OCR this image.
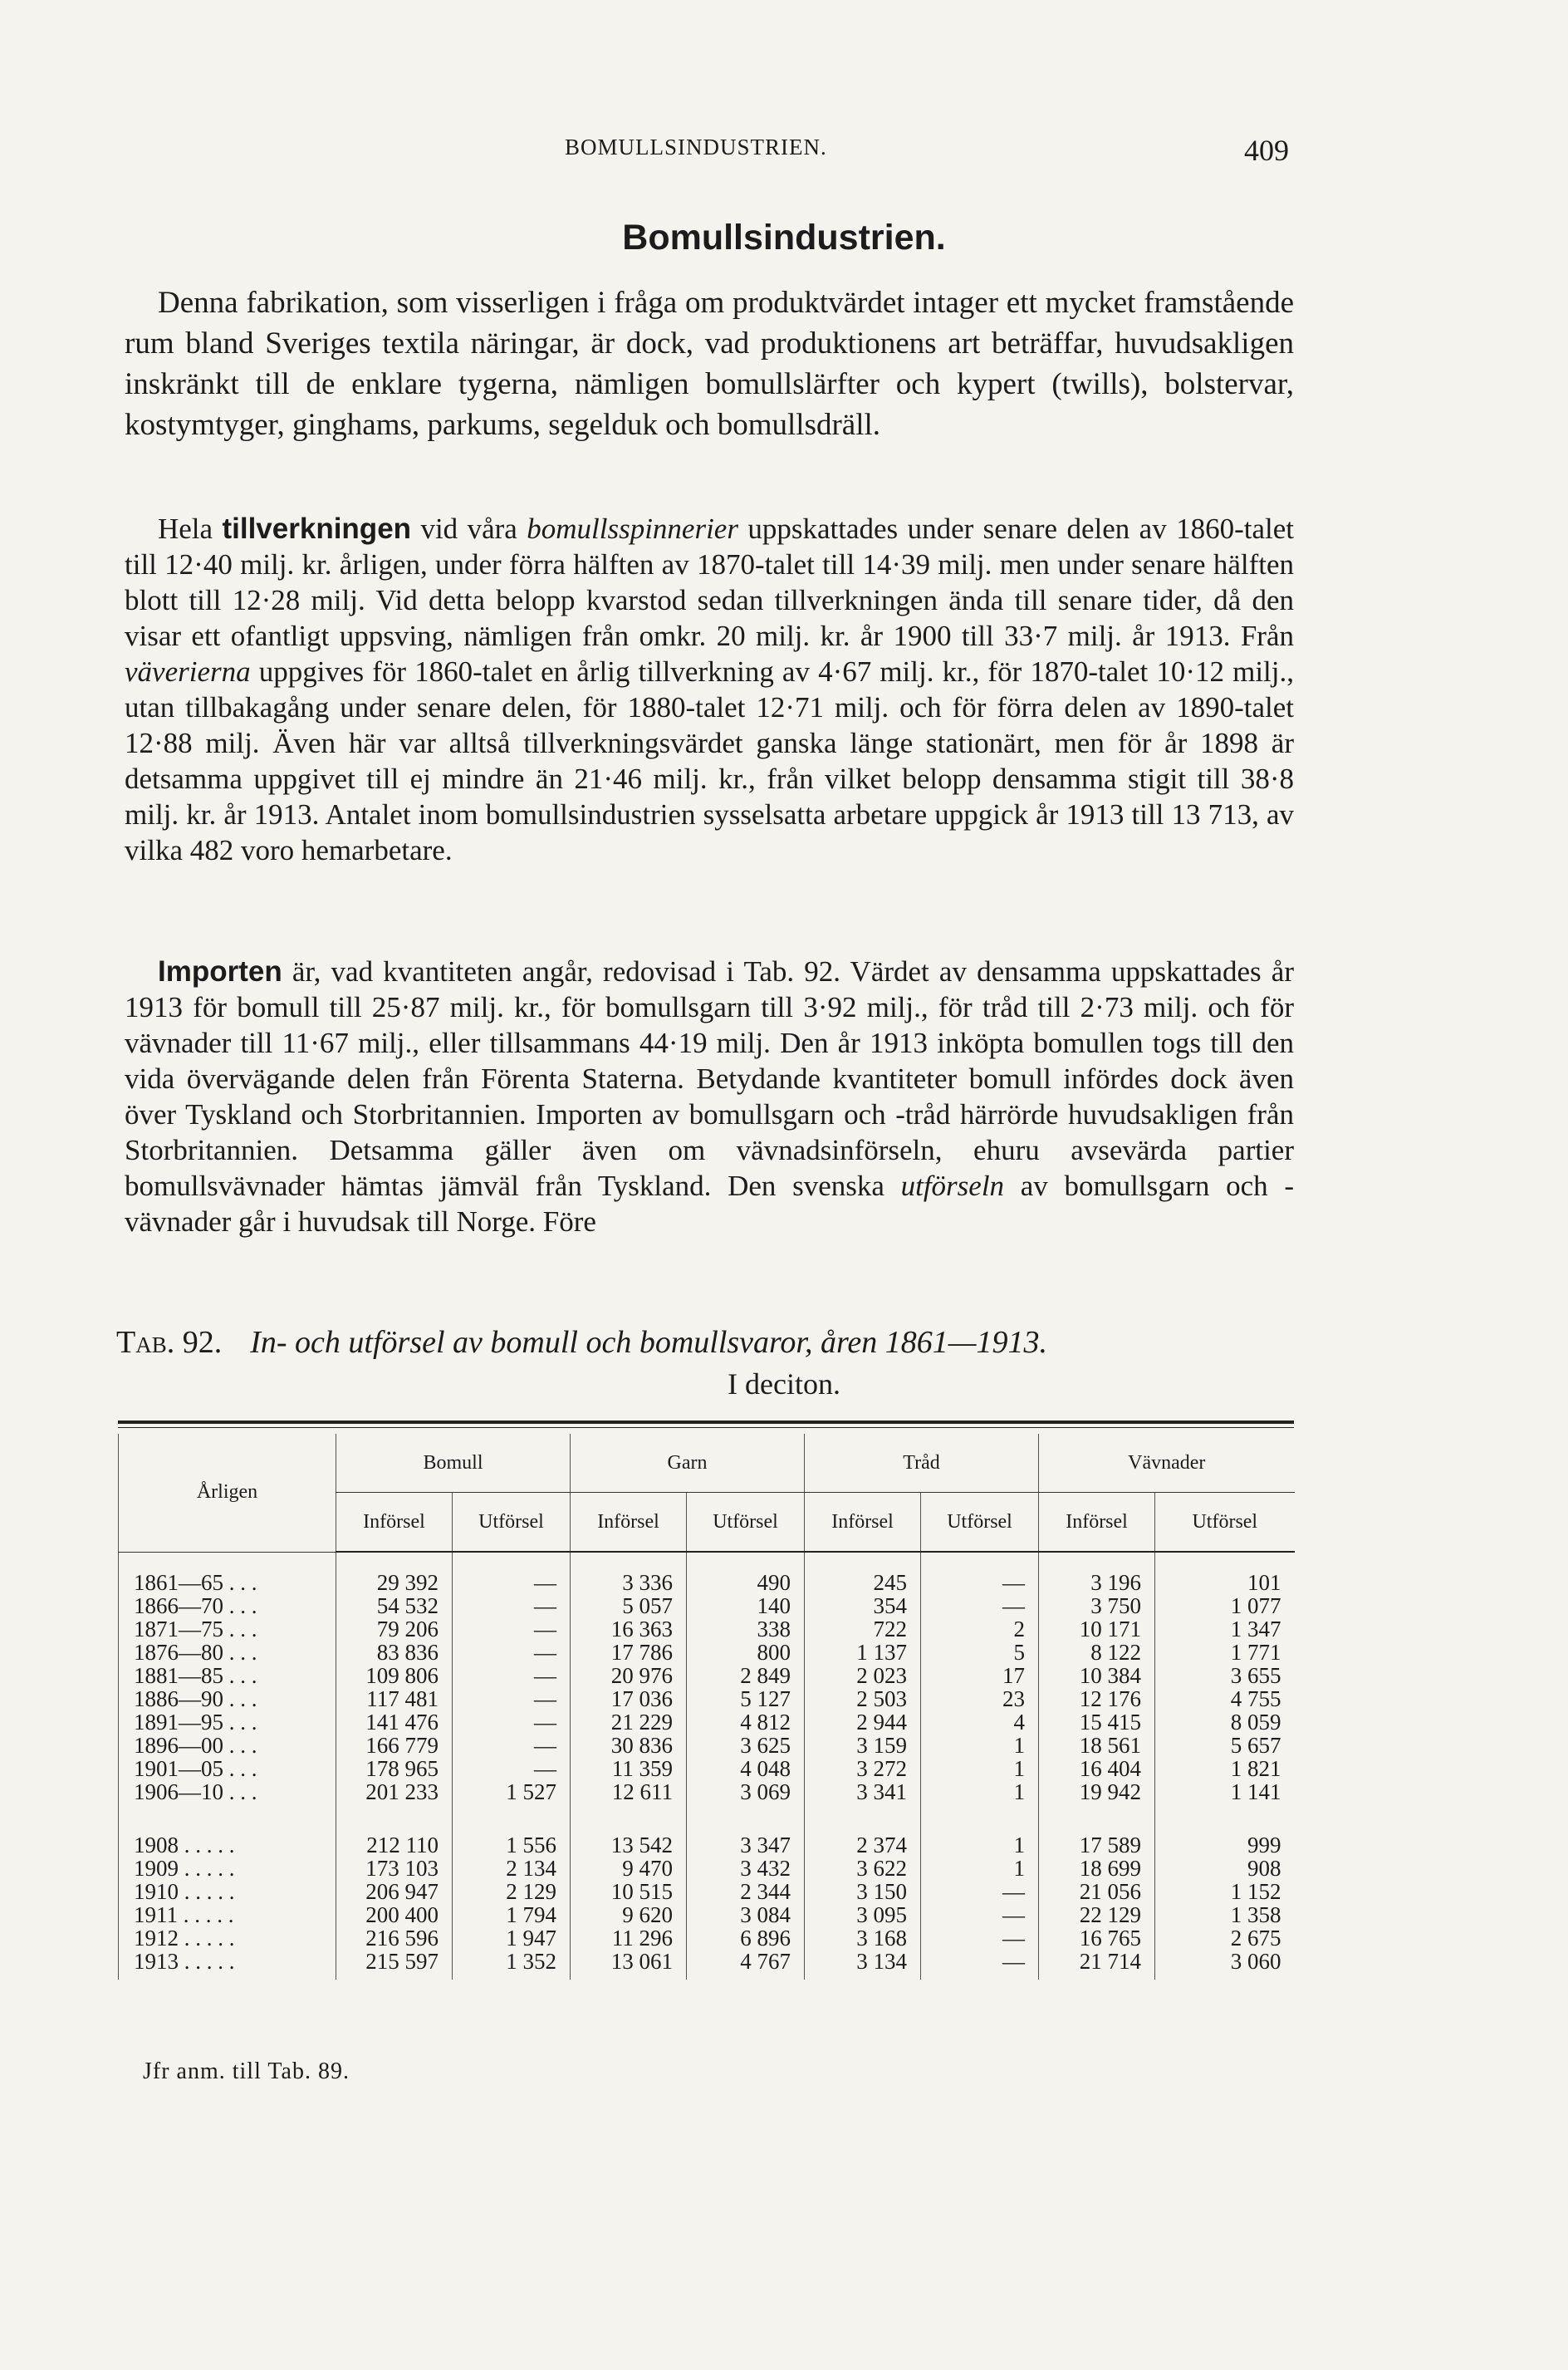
BOMULLSINDUSTRIEN.	409
Bomullsindustrien.
Denna fabrikation, som visserligen i fråga om produktvärdet intager ett mycket framstående rum bland Sveriges textila näringar, är dock, vad produktionens art beträffar, huvudsakligen inskränkt till de enklare tygerna, nämligen bomullslärfter och kypert (twills), bolstervar, kostymtyger, ginghams, parkums, segelduk och bomullsdräll.
Hela tillverkningen vid våra bomullsspinnerier uppskattades under senare delen av 1860-talet till 12·40 milj. kr. årligen, under förra hälften av 1870-talet till 14·39 milj. men under senare hälften blott till 12·28 milj. Vid detta belopp kvarstod sedan tillverkningen ända till senare tider, då den visar ett ofantligt uppsving, nämligen från omkr. 20 milj. kr. år 1900 till 33·7 milj. år 1913. Från väverierna uppgives för 1860-talet en årlig tillverkning av 4·67 milj. kr., för 1870-talet 10·12 milj., utan tillbakagång under senare delen, för 1880-talet 12·71 milj. och för förra delen av 1890-talet 12·88 milj. Även här var alltså tillverkningsvärdet ganska länge stationärt, men för år 1898 är detsamma uppgivet till ej mindre än 21·46 milj. kr., från vilket belopp densamma stigit till 38·8 milj. kr. år 1913. Antalet inom bomullsindustrien sysselsatta arbetare uppgick år 1913 till 13 713, av vilka 482 voro hemarbetare.
Importen är, vad kvantiteten angår, redovisad i Tab. 92. Värdet av densamma uppskattades år 1913 för bomull till 25·87 milj. kr., för bomullsgarn till 3·92 milj., för tråd till 2·73 milj. och för vävnader till 11·67 milj., eller tillsammans 44·19 milj. Den år 1913 inköpta bomullen togs till den vida övervägande delen från Förenta Staterna. Betydande kvantiteter bomull infördes dock även över Tyskland och Storbritannien. Importen av bomullsgarn och -tråd härrörde huvudsakligen från Storbritannien. Detsamma gäller även om vävnadsinförseln, ehuru avsevärda partier bomullsvävnader hämtas jämväl från Tyskland. Den svenska utförseln av bomullsgarn och -vävnader går i huvudsak till Norge. Före
Tab. 92. In- och utförsel av bomull och bomullsvaror, åren 1861—1913.
I deciton.
Årligen	Bomull		Garn		Tråd		Vävnader	
	Införsel	Utförsel	Införsel	Utförsel	Införsel	Utförsel	Införsel	Utförsel
1861—65 . . .	29 392	—	3 336	490	245	—	3 196	101
1866—70 . . .	54 532	—	5 057	140	354	—	3 750	1 077
1871—75 . . .	79 206	—	16 363	338	722	2	10 171	1 347
1876—80 . . .	83 836	—	17 786	800	1 137	5	8 122	1 771
1881—85 . . .	109 806	—	20 976	2 849	2 023	17	10 384	3 655
1886—90 . . .	117 481	—	17 036	5 127	2 503	23	12 176	4 755
1891—95 . . .	141 476	—	21 229	4 812	2 944	4	15 415	8 059
1896—00 . . .	166 779	—	30 836	3 625	3 159	1	18 561	5 657
1901—05 . . .	178 965	—	11 359	4 048	3 272	1	16 404	1 821
1906—10 . . .	201 233	1 527	12 611	3 069	3 341	1	19 942	1 141
1908 . . . . .	212 110	1 556	13 542	3 347	2 374	1	17 589	999
1909 . . . . .	173 103	2 134	9 470	3 432	3 622	1	18 699	908
1910 . . . . .	206 947	2 129	10 515	2 344	3 150	—	21 056	1 152
1911 . . . . .	200 400	1 794	9 620	3 084	3 095	—	22 129	1 358
1912 . . . . .	216 596	1 947	11 296	6 896	3 168	—	16 765	2 675
1913 . . . . .	215 597	1 352	13 061	4 767	3 134	—	21 714	3 060
Jfr anm. till Tab. 89.
